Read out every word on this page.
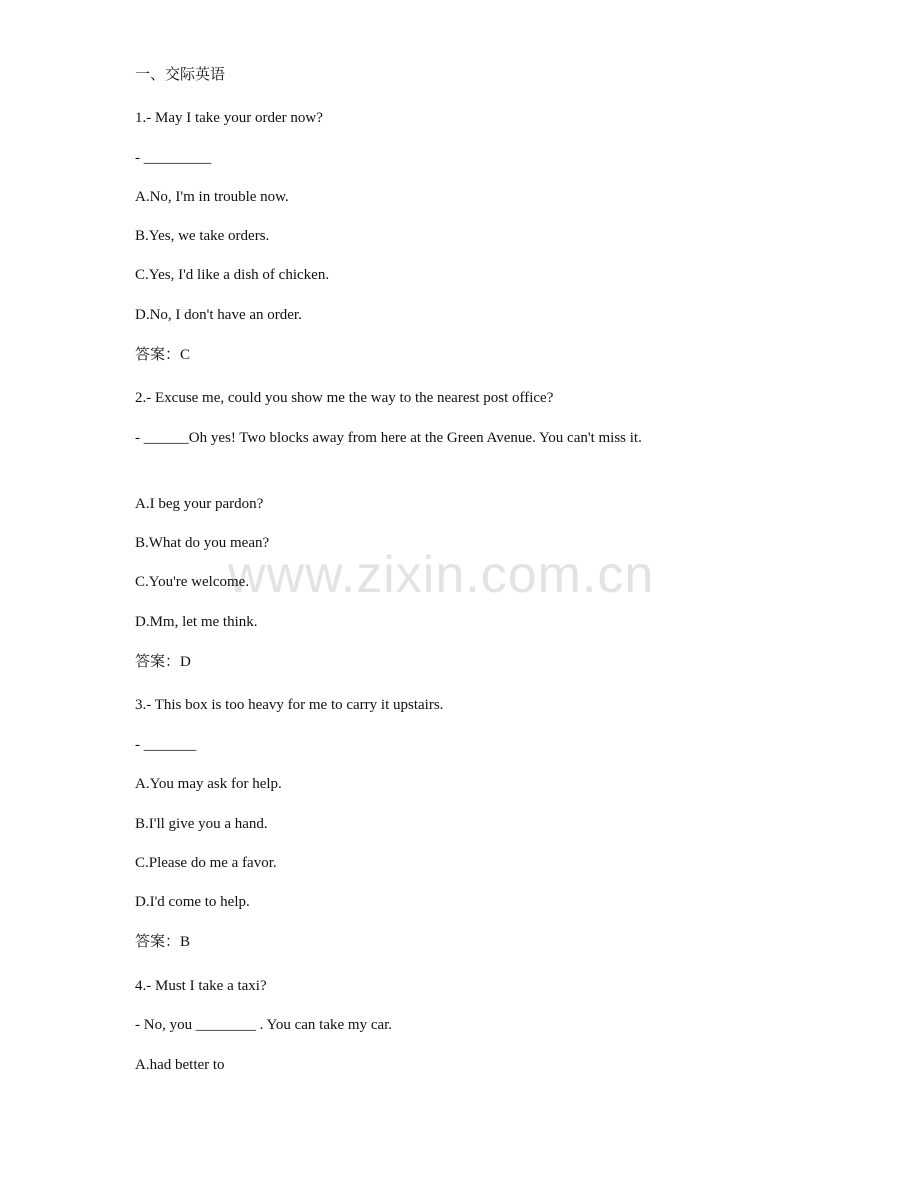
www.zixin.com.cn
一、交际英语
1.- May I take your order now?
- _________
A.No, I'm in trouble now.
B.Yes, we take orders.
C.Yes, I'd like a dish of chicken.
D.No, I don't have an order.
答案：C
2.- Excuse me, could you show me the way to the nearest post office?
- ______Oh yes! Two blocks away from here at the Green Avenue. You can't miss it.
A.I beg your pardon?
B.What do you mean?
C.You're welcome.
D.Mm, let me think.
答案：D
3.- This box is too heavy for me to carry it upstairs.
- _______
A.You may ask for help.
B.I'll give you a hand.
C.Please do me a favor.
D.I'd come to help.
答案：B
4.- Must I take a taxi?
- No, you ________ . You can take my car.
A.had better to
